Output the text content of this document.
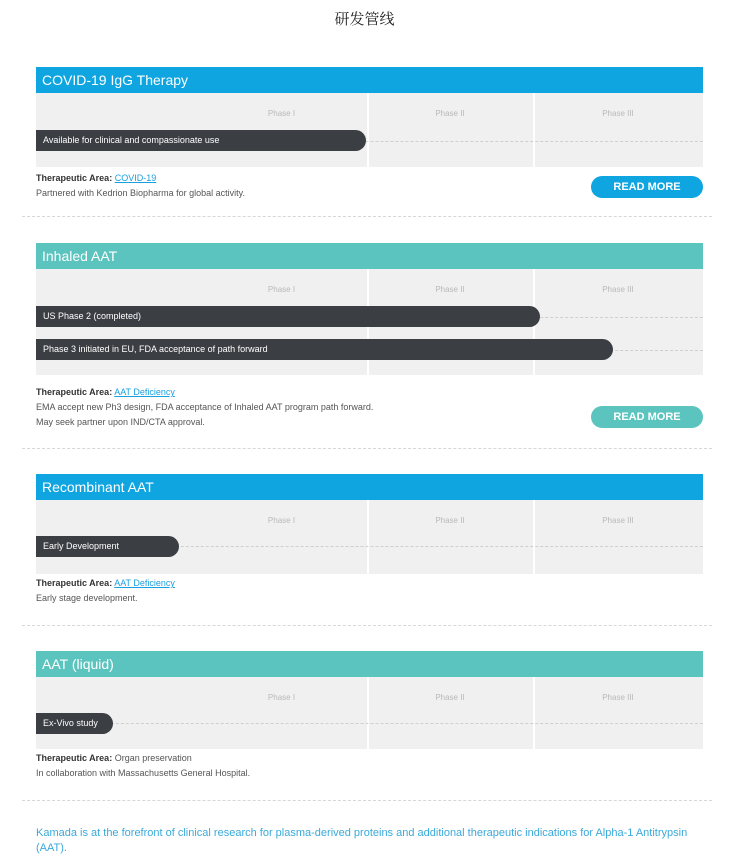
研发管线
COVID-19 IgG Therapy
Phase I	Phase II	Phase III
Available for clinical and compassionate use
Therapeutic Area: COVID-19
Partnered with Kedrion Biopharma for global activity.	READ MORE
Inhaled AAT
Phase I	Phase II	Phase III
US Phase 2 (completed)
Phase 3 initiated in EU, FDA acceptance of path forward
Therapeutic Area: AAT Deficiency
EMA accept new Ph3 design, FDA acceptance of Inhaled AAT program path forward.
May seek partner upon IND/CTA approval.	READ MORE
Recombinant AAT
Phase I	Phase II	Phase III
Early Development
Therapeutic Area: AAT Deficiency
Early stage development.
AAT (liquid)
Phase I	Phase II	Phase III
Ex-Vivo study
Therapeutic Area: Organ preservation
In collaboration with Massachusetts General Hospital.
Kamada is at the forefront of clinical research for plasma-derived proteins and additional therapeutic indications for Alpha-1 Antitrypsin (AAT).
